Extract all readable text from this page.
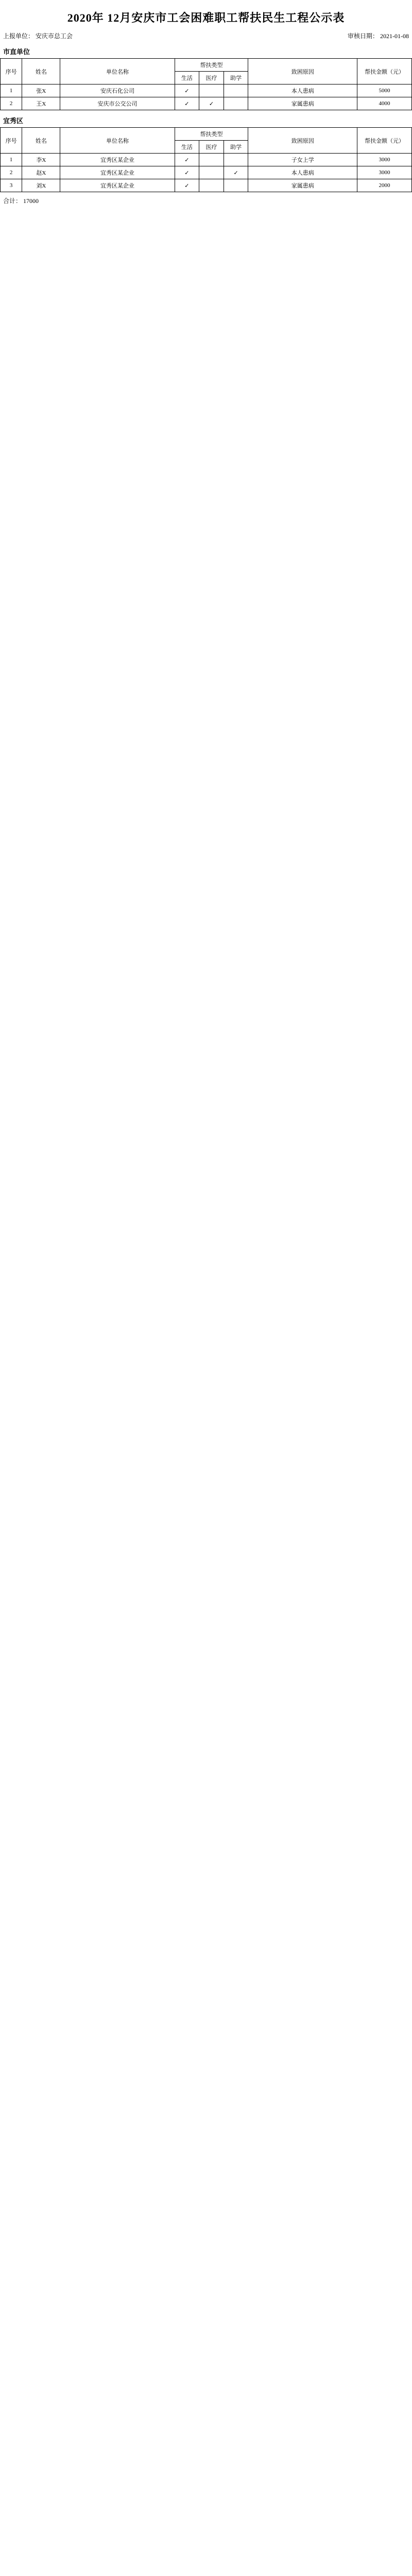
2020年 12月安庆市工会困难职工帮扶民生工程公示表
上报单位： 安庆市总工会	审核日期： 2021-01-08
市直单位
序号	姓名	单位名称	帮扶类型			致困原因	帮扶金额（元）
			生活	医疗	助学		
1	张X	安庆石化公司	✓			本人患病	5000
2	王X	安庆市公交公司	✓	✓		家属患病	4000
宜秀区
序号	姓名	单位名称	帮扶类型			致困原因	帮扶金额（元）
			生活	医疗	助学		
1	李X	宜秀区某企业	✓			子女上学	3000
2	赵X	宜秀区某企业	✓		✓	本人患病	3000
3	刘X	宜秀区某企业	✓			家属患病	2000
合计： 17000
